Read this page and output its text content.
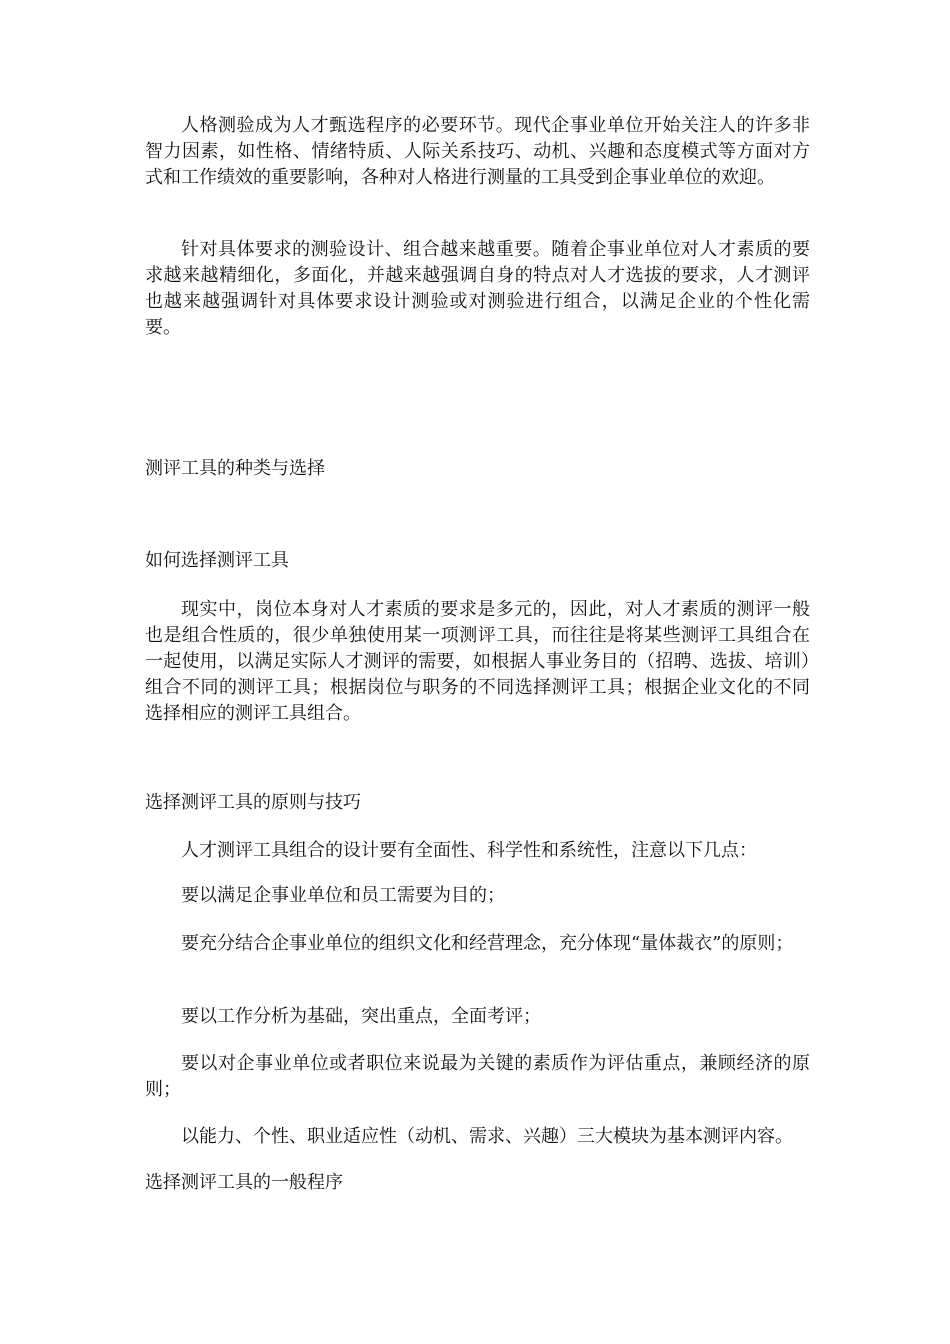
人格测验成为人才甄选程序的必要环节。现代企事业单位开始关注人的许多非智力因素，如性格、情绪特质、人际关系技巧、动机、兴趣和态度模式等方面对方式和工作绩效的重要影响，各种对人格进行测量的工具受到企事业单位的欢迎。

针对具体要求的测验设计、组合越来越重要。随着企事业单位对人才素质的要求越来越精细化，多面化，并越来越强调自身的特点对人才选拔的要求，人才测评也越来越强调针对具体要求设计测验或对测验进行组合，以满足企业的个性化需要。

测评工具的种类与选择
如何选择测评工具

现实中，岗位本身对人才素质的要求是多元的，因此，对人才素质的测评一般也是组合性质的，很少单独使用某一项测评工具，而往往是将某些测评工具组合在一起使用，以满足实际人才测评的需要，如根据人事业务目的（招聘、选拔、培训）组合不同的测评工具；根据岗位与职务的不同选择测评工具；根据企业文化的不同选择相应的测评工具组合。

选择测评工具的原则与技巧

人才测评工具组合的设计要有全面性、科学性和系统性，注意以下几点：

要以满足企事业单位和员工需要为目的；

要充分结合企事业单位的组织文化和经营理念，充分体现“量体裁衣”的原则；

要以工作分析为基础，突出重点，全面考评；

要以对企事业单位或者职位来说最为关键的素质作为评估重点，兼顾经济的原则；

以能力、个性、职业适应性（动机、需求、兴趣）三大模块为基本测评内容。

选择测评工具的一般程序
